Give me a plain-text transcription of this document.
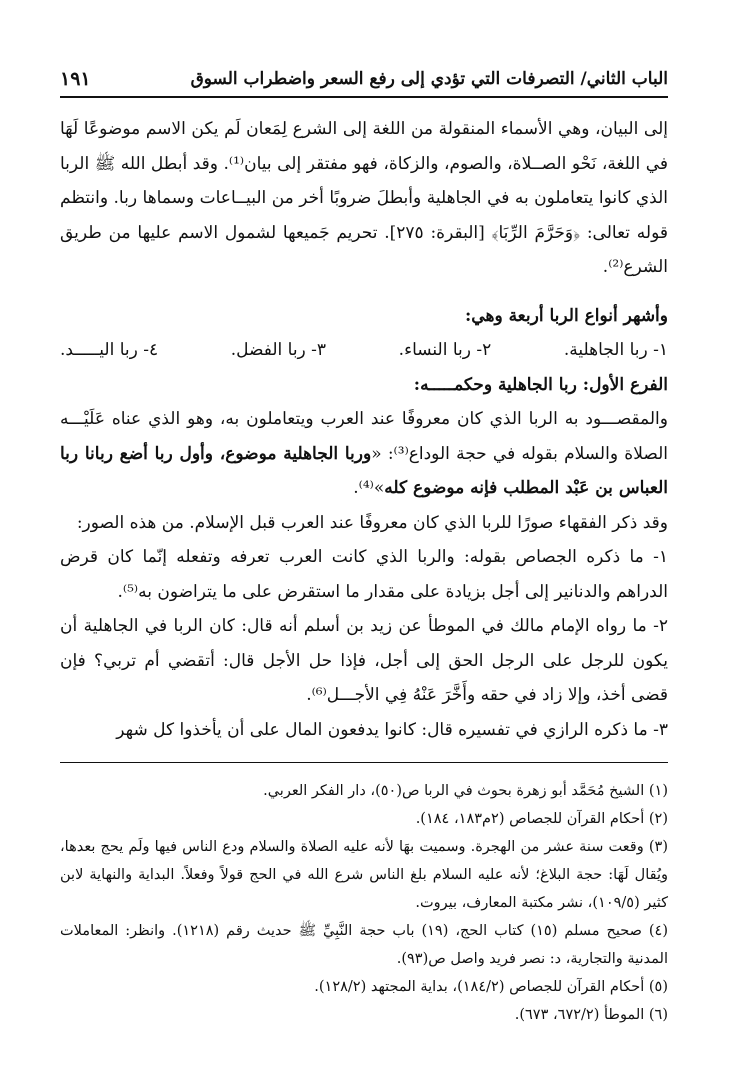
الباب الثاني/ التصرفات التي تؤدي إلى رفع السعر واضطراب السوق
١٩١

إلى البيان، وهي الأسماء المنقولة من اللغة إلى الشرع لِمَعان لَم يكن الاسم موضوعًا لَهَا في اللغة، نَحْو الصــلاة، والصوم، والزكاة، فهو مفتقر إلى بيان⁽¹⁾. وقد أبطل الله ﷺ الربا الذي كانوا يتعاملون به في الجاهلية وأبطلَ ضروبًا أخر من البيــاعات وسماها ربا. وانتظم قوله تعالى: ﴿وَحَرَّمَ الرِّبَا﴾ [البقرة: ٢٧٥]. تحريم جَميعها لشمول الاسم عليها من طريق الشرع⁽²⁾.

وأشهر أنواع الربا أربعة وهي:

١- ربا الجاهلية.
٢- ربا النساء.
٣- ربا الفضل.
٤- ربا اليـــــد.

الفرع الأول: ربا الجاهلية وحكمـــــه:

والمقصـــود به الربا الذي كان معروفًا عند العرب ويتعاملون به، وهو الذي عناه عَلَيْـــه الصلاة والسلام بقوله في حجة الوداع⁽³⁾: «وربا الجاهلية موضوع، وأول ربا أضع ربانا ربا العباس بن عَبْد المطلب فإنه موضوع كله»⁽⁴⁾.

وقد ذكر الفقهاء صورًا للربا الذي كان معروفًا عند العرب قبل الإسلام. من هذه الصور:

١- ما ذكره الجصاص بقوله: والربا الذي كانت العرب تعرفه وتفعله إنّما كان قرض الدراهم والدنانير إلى أجل بزيادة على مقدار ما استقرض على ما يتراضون به⁽⁵⁾.

٢- ما رواه الإمام مالك في الموطأ عن زيد بن أسلم أنه قال: كان الربا في الجاهلية أن يكون للرجل على الرجل الحق إلى أجل، فإذا حل الأجل قال: أتقضي أم تربي؟ فإن قضى أخذ، وإلا زاد في حقه وأَخَّرَ عَنْهُ فِي الأجـــل⁽⁶⁾.

٣- ما ذكره الرازي في تفسيره قال: كانوا يدفعون المال على أن يأخذوا كل شهر

(١) الشيخ مُحَمَّد أبو زهرة بحوث في الربا ص(٥٠)، دار الفكر العربي.

(٢) أحكام القرآن للجصاص (٢م١٨٣، ١٨٤).

(٣) وقعت سنة عشر من الهجرة. وسميت بهَا لأنه عليه الصلاة والسلام ودع الناس فيها ولَم يحج بعدها، ويُقال لَهَا: حجة البلاغ؛ لأنه عليه السلام بلغ الناس شرع الله في الحج قولاً وفعلاً. البداية والنهاية لابن كثير (١٠٩/٥)، نشر مكتبة المعارف، بيروت.

(٤) صحيح مسلم (١٥) كتاب الحج، (١٩) باب حجة النَّبِيِّ ﷺ حديث رقم (١٢١٨). وانظر: المعاملات المدنية والتجارية، د: نصر فريد واصل ص(٩٣).

(٥) أحكام القرآن للجصاص (١٨٤/٢)، بداية المجتهد (١٢٨/٢).

(٦) الموطأ (٦٧٢/٢، ٦٧٣).
